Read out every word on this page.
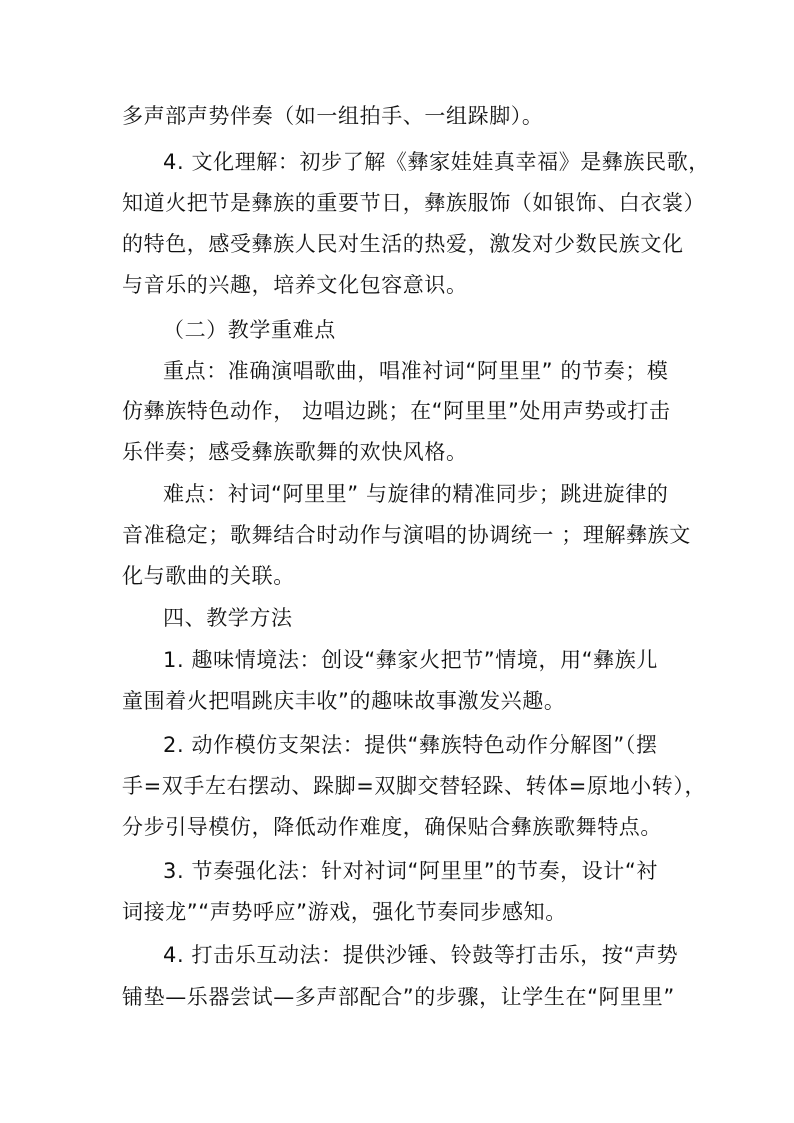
多声部声势伴奏（如一组拍手、一组跺脚）。
4. 文化理解：初步了解《彝家娃娃真幸福》是彝族民歌，
知道火把节是彝族的重要节日，彝族服饰（如银饰、白衣裳）
的特色，感受彝族人民对生活的热爱，激发对少数民族文化
与音乐的兴趣，培养文化包容意识。
（二）教学重难点
重点：准确演唱歌曲，唱准衬词“阿里里” 的节奏；模
仿彝族特色动作， 边唱边跳；在“阿里里”处用声势或打击
乐伴奏；感受彝族歌舞的欢快风格。
难点：衬词“阿里里” 与旋律的精准同步；跳进旋律的
音准稳定；歌舞结合时动作与演唱的协调统一 ；理解彝族文
化与歌曲的关联。
四、教学方法
1. 趣味情境法：创设“彝家火把节”情境，用“彝族儿
童围着火把唱跳庆丰收”的趣味故事激发兴趣。
2. 动作模仿支架法：提供“彝族特色动作分解图”（摆
手=双手左右摆动、跺脚=双脚交替轻跺、转体=原地小转），
分步引导模仿，降低动作难度，确保贴合彝族歌舞特点。
3. 节奏强化法：针对衬词“阿里里”的节奏，设计“衬
词接龙”“声势呼应”游戏，强化节奏同步感知。
4. 打击乐互动法：提供沙锤、铃鼓等打击乐，按“声势
铺垫—乐器尝试—多声部配合”的步骤，让学生在“阿里里”
